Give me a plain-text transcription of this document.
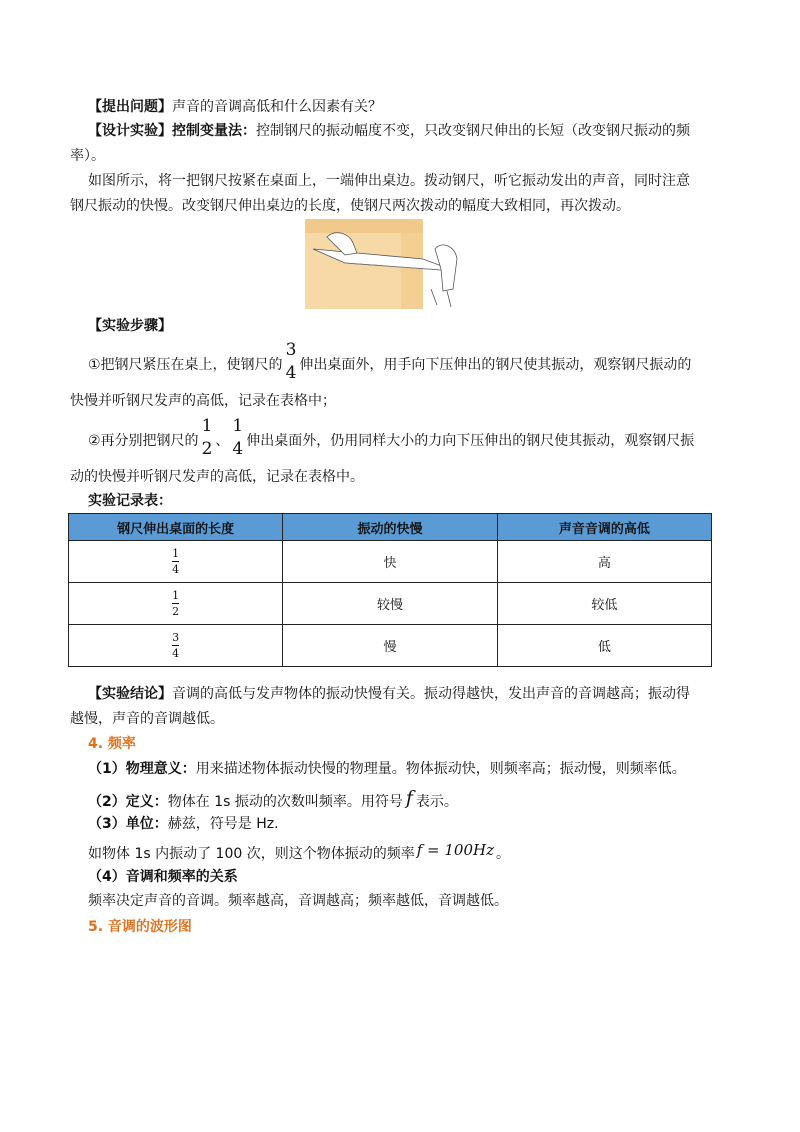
【提出问题】声音的音调高低和什么因素有关？
【设计实验】控制变量法：控制钢尺的振动幅度不变，只改变钢尺伸出的长短（改变钢尺振动的频
率）。
如图所示，将一把钢尺按紧在桌面上，一端伸出桌边。拨动钢尺，听它振动发出的声音，同时注意
钢尺振动的快慢。改变钢尺伸出桌边的长度，使钢尺两次拨动的幅度大致相同，再次拨动。
【实验步骤】
①把钢尺紧压在桌上，使钢尺的
3
4 伸出桌面外，用手向下压伸出的钢尺使其振动，观察钢尺振动的
快慢并听钢尺发声的高低，记录在表格中；
②再分别把钢尺的
1
2 、
1
4 伸出桌面外，仍用同样大小的力向下压伸出的钢尺使其振动，观察钢尺振
动的快慢并听钢尺发声的高低，记录在表格中。
实验记录表：
钢尺伸出桌面的长度	振动的快慢	声音音调的高低

$\frac{1}{4}$	快	高

$\frac{1}{2}$	较慢	较低

$\frac{3}{4}$	慢	低
【实验结论】音调的高低与发声物体的振动快慢有关。振动得越快，发出声音的音调越高；振动得
越慢，声音的音调越低。
4. 频率
（1）物理意义：用来描述物体振动快慢的物理量。物体振动快，则频率高；振动慢，则频率低。
（2）定义：物体在 1s 振动的次数叫频率。用符号 f 表示。
（3）单位：赫兹，符号是 Hz.
如物体 1s 内振动了 100 次，则这个物体振动的频率 f = 100Hz 。
（4）音调和频率的关系
频率决定声音的音调。频率越高，音调越高；频率越低，音调越低。
5. 音调的波形图
